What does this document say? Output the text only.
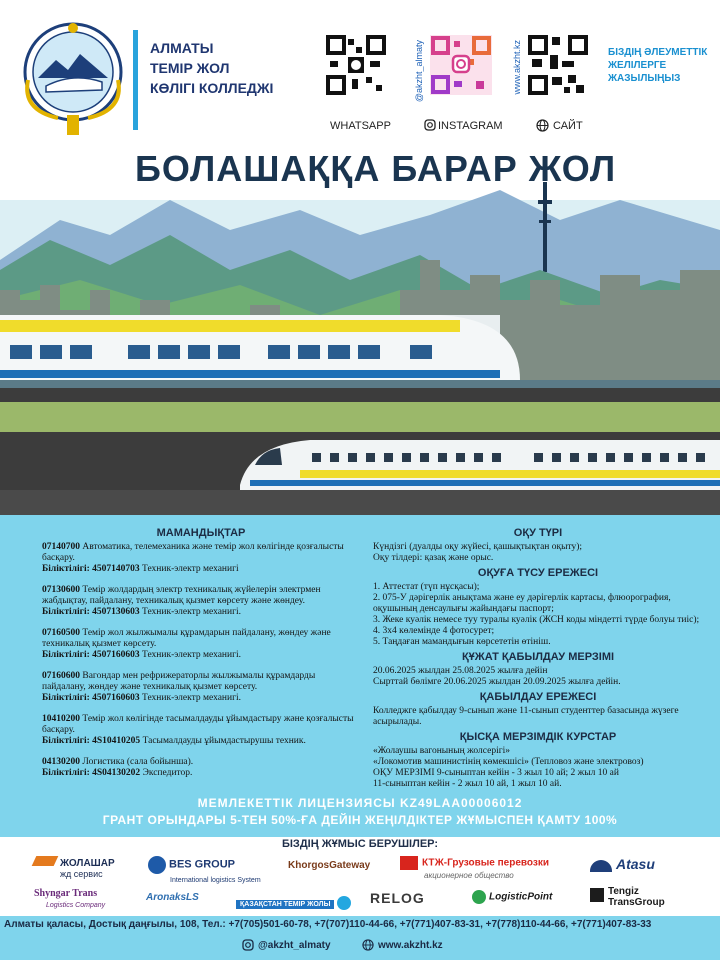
АЛМАТЫ
ТЕМІР ЖОЛ
КӨЛІГІ КОЛЛЕДЖІ	@akzht_almaty	www.akzht.kz
WHATSAPP	INSTAGRAM	САЙТ
БІЗДІҢ ӘЛЕУМЕТТІК
ЖЕЛІЛЕРГЕ
ЖАЗЫЛЫҢЫЗ
БОЛАШАҚҚА БАРАР ЖОЛ
МАМАНДЫҚТАР
07140700 Автоматика, телемеханика және темір жол көлігінде қозғалысты басқару.
Біліктілігі: 4507140703 Техник-электр механигі
07130600 Темір жолдардың электр техникалық жүйелерін электрмен жабдықтау, пайдалану, техникалық қызмет көрсету және жөндеу.
Біліктілігі: 4507130603 Техник-электр механигі.
07160500 Темір жол жылжымалы құрамдарын пайдалану, жөндеу және техникалық қызмет көрсету.
Біліктілігі: 4507160603 Техник-электр механигі.
07160600 Вагондар мен рефрижераторлы жылжымалы құрамдарды пайдалану, жөндеу және техникалық қызмет көрсету.
Біліктілігі: 4507160603 Техник-электр механигі.
10410200 Темір жол көлігінде тасымалдауды ұйымдастыру және қозғалысты басқару.
Біліктілігі: 4S10410205 Тасымалдауды ұйымдастырушы техник.
04130200 Логистика (сала бойынша).
Біліктілігі: 4S04130202 Экспедитор.
ОҚУ ТҮРІ
Күндізгі (дуалды оқу жүйесі, қашықтықтан оқыту);
Оқу тілдері: қазақ және орыс.
ОҚУҒА ТҮСУ ЕРЕЖЕСІ
1. Аттестат (түп нұсқасы);
2. 075-У дәрігерлік анықтама және еу дәрігерлік картасы, флюорография, оқушының денсаулығы жайындағы паспорт;
3. Жеке куәлік немесе туу туралы куәлік (ЖСН коды міндетті түрде болуы тиіс);
4. 3х4 көлемінде 4 фотосурет;
5. Таңдаған мамандығын көрсететін өтініш.
ҚҰЖАТ ҚАБЫЛДАУ МЕРЗІМІ
20.06.2025 жылдан 25.08.2025 жылға дейін
Сырттай бөлімге 20.06.2025 жылдан 20.09.2025 жылға дейін.
ҚАБЫЛДАУ ЕРЕЖЕСІ
Колледжге қабылдау 9-сынып және 11-сынып студенттер базасында жүзеге асырылады.
ҚЫСҚА МЕРЗІМДІК КУРСТАР
«Жолаушы вагонының жолсерігі»
«Локомотив машинистінің көмекшісі» (Тепловоз және электровоз)
ОҚУ МЕРЗІМІ 9-сыныптан кейін - 3 жыл 10 ай; 2 жыл 10 ай
11-сыныптан кейін - 2 жыл 10 ай, 1 жыл 10 ай.
МЕМЛЕКЕТТІК ЛИЦЕНЗИЯСЫ KZ49LAA00006012
ГРАНТ ОРЫНДАРЫ 5-ТЕН 50%-ҒА ДЕЙІН ЖЕҢІЛДІКТЕР ЖҰМЫСПЕН ҚАМТУ 100%
БІЗДІҢ ЖҰМЫС БЕРУШІЛЕР:
ЖОЛАШАР
жд сервис
BES GROUP
International logistics System
KhorgosGateway	КТЖ-Грузовые перевозки
акционерное общество
Atasu
Shyngar Trans
Logistics Company
AronaksLS
ҚАЗАҚСТАН ТЕМІР ЖОЛЫ	RELOG	LogisticPoint
Tengiz
TransGroup
Алматы қаласы, Достық даңғылы, 108, Тел.: +7(705)501-60-78, +7(707)110-44-66, +7(771)407-83-31, +7(778)110-44-66, +7(771)407-83-33
@akzht_almaty	www.akzht.kz
